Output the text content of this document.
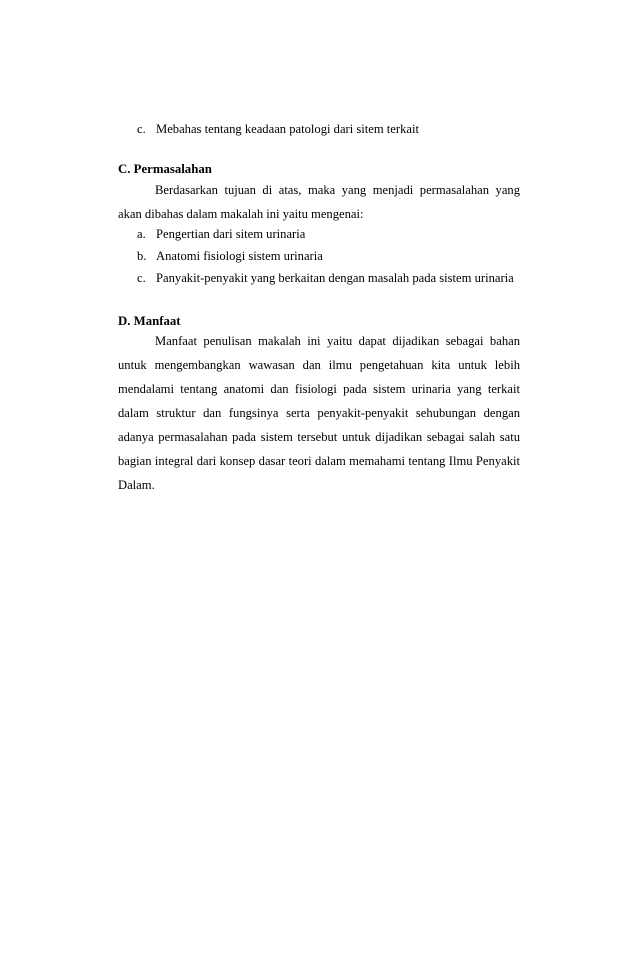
c. Mebahas tentang keadaan patologi dari sitem terkait
C. Permasalahan

Berdasarkan tujuan di atas, maka yang menjadi permasalahan yang akan dibahas dalam makalah ini yaitu mengenai:

a. Pengertian dari sitem urinaria
b. Anatomi fisiologi sistem urinaria
c. Panyakit-penyakit yang berkaitan dengan masalah pada sistem urinaria
D. Manfaat

Manfaat penulisan makalah ini yaitu dapat dijadikan sebagai bahan untuk mengembangkan wawasan dan ilmu pengetahuan kita untuk lebih mendalami tentang anatomi dan fisiologi pada sistem urinaria yang terkait dalam struktur dan fungsinya serta penyakit-penyakit sehubungan dengan adanya permasalahan pada sistem tersebut untuk dijadikan sebagai salah satu bagian integral dari konsep dasar teori dalam memahami tentang Ilmu Penyakit Dalam.
